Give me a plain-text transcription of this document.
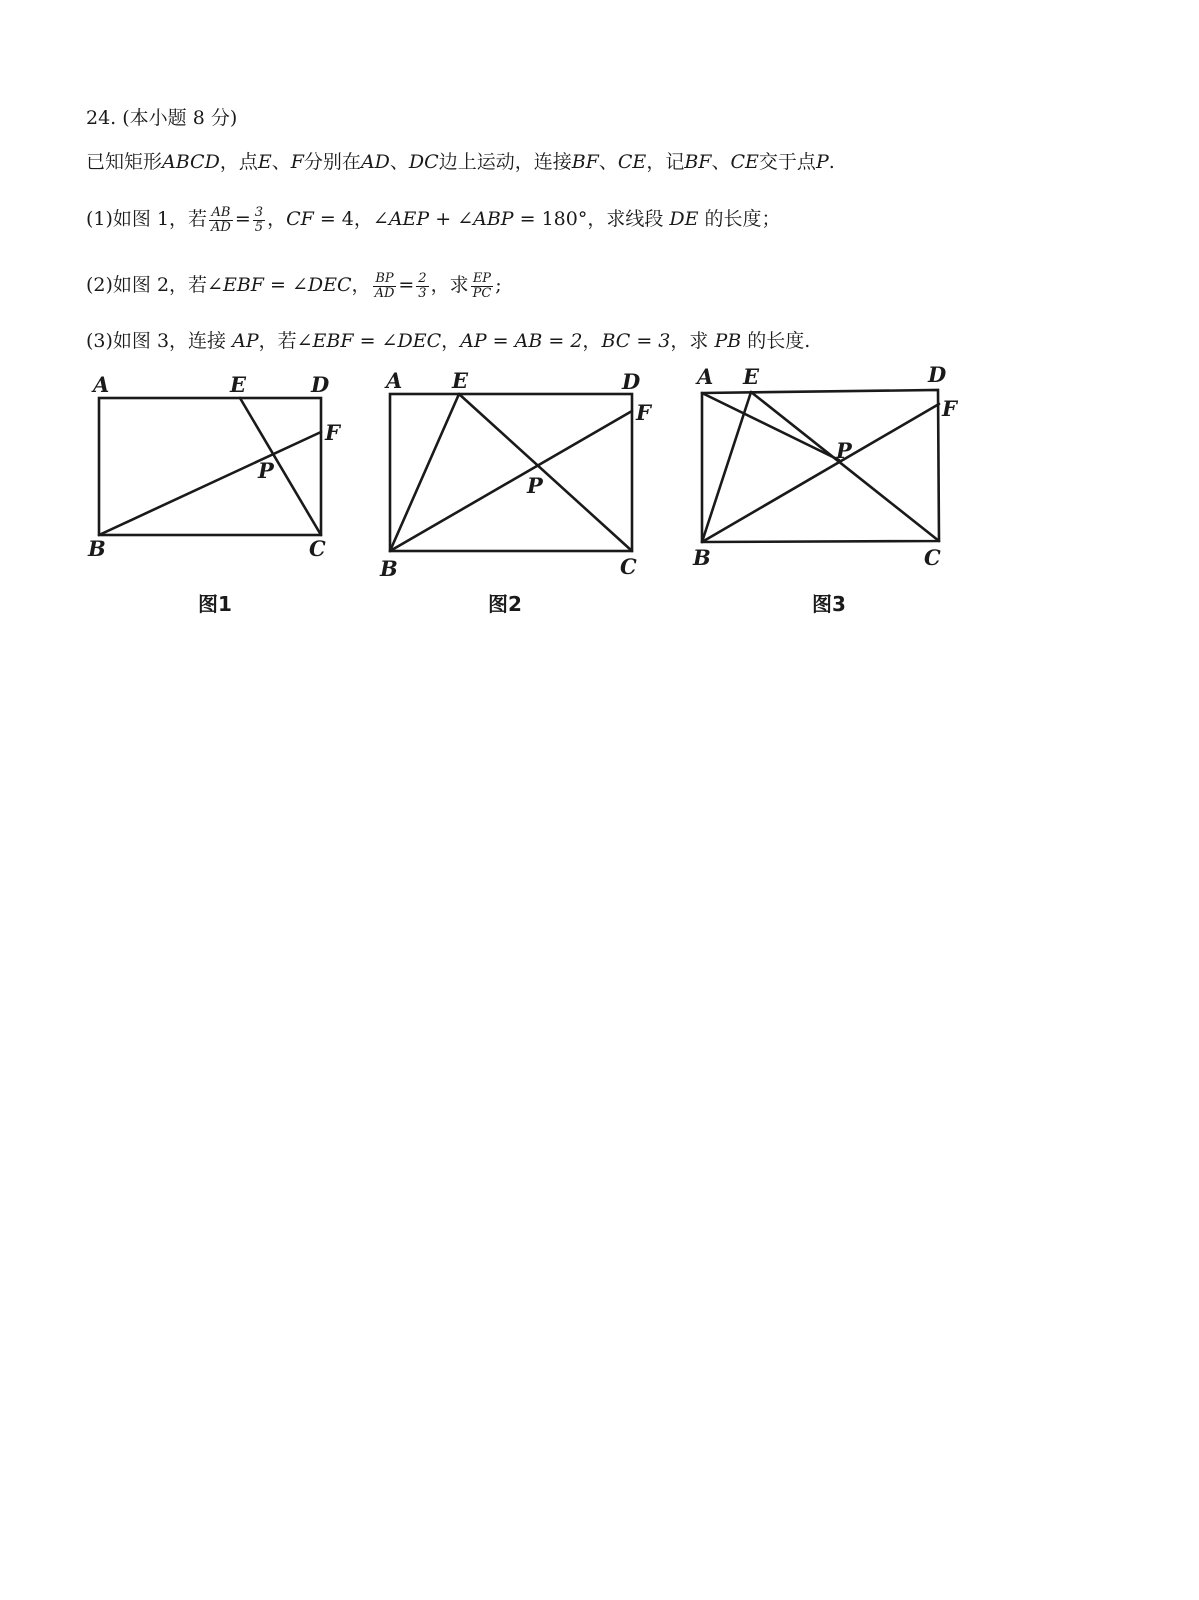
24. (本小题 8 分)
已知矩形ABCD，点E、F分别在AD、DC边上运动，连接BF、CE，记BF、CE交于点P.
(1)如图 1，若 $\frac{AB}{AD} = \frac{3}{5}$ ，CF = 4，∠AEP + ∠ABP = 180°，求线段 DE 的长度；
(2)如图 2，若∠EBF = ∠DEC， $\frac{BP}{AD} = \frac{2}{3}$ ，求 $\frac{EP}{PC}$ ;
(3)如图 3，连接 AP，若∠EBF = ∠DEC，AP = AB = 2，BC = 3，求 PB 的长度.
A	E	D
F
P
B	C
图1
A E	D
F
P
B	C
图2
A E	D
F
P
B	C
图3
